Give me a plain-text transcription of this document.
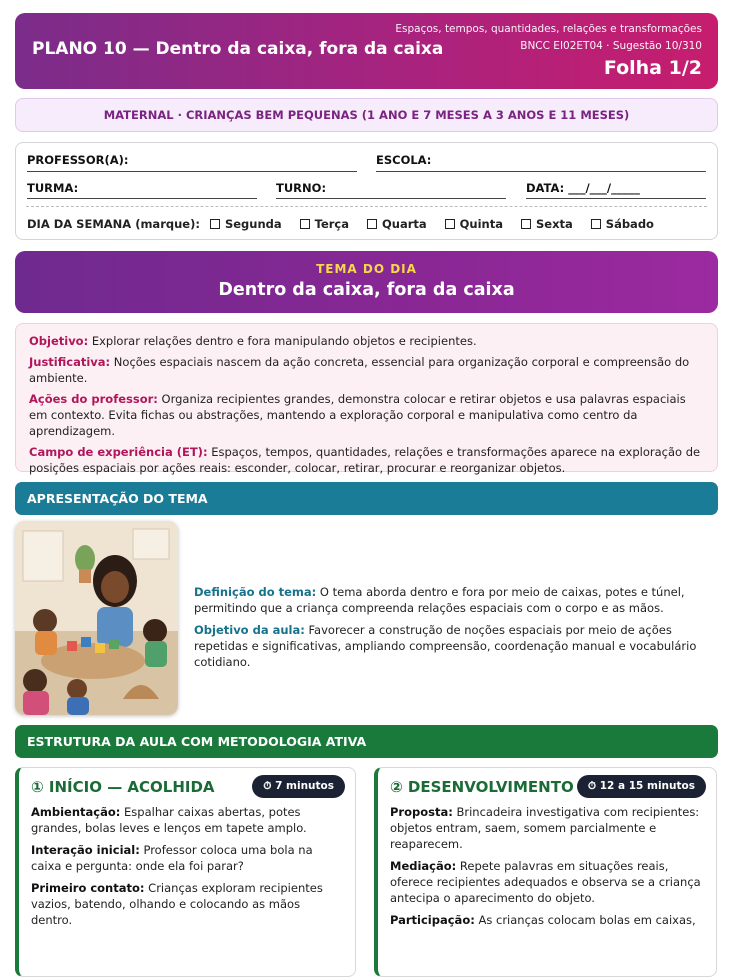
PLANO 10 — Dentro da caixa, fora da caixa
Espaços, tempos, quantidades, relações e transformações
BNCC EI02ET04 · Sugestão 10/310
Folha 1/2
MATERNAL · CRIANÇAS BEM PEQUENAS (1 ANO E 7 MESES A 3 ANOS E 11 MESES)
PROFESSOR(A):	ESCOLA:
TURMA:	TURNO:	DATA: ___/___/_____
DIA DA SEMANA (marque): Segunda	Terça	Quarta	Quinta	Sexta	Sábado
TEMA DO DIA
Dentro da caixa, fora da caixa

Objetivo: Explorar relações dentro e fora manipulando objetos e recipientes.

Justificativa: Noções espaciais nascem da ação concreta, essencial para organização corporal e compreensão do ambiente.

Ações do professor: Organiza recipientes grandes, demonstra colocar e retirar objetos e usa palavras espaciais em contexto. Evita fichas ou abstrações, mantendo a exploração corporal e manipulativa como centro da aprendizagem.

Campo de experiência (ET): Espaços, tempos, quantidades, relações e transformações aparece na exploração de posições espaciais por ações reais: esconder, colocar, retirar, procurar e reorganizar objetos.

APRESENTAÇÃO DO TEMA

Definição do tema: O tema aborda dentro e fora por meio de caixas, potes e túnel, permitindo que a criança compreenda relações espaciais com o corpo e as mãos.

Objetivo da aula: Favorecer a construção de noções espaciais por meio de ações repetidas e significativas, ampliando compreensão, coordenação manual e vocabulário cotidiano.

ESTRUTURA DA AULA COM METODOLOGIA ATIVA
① INÍCIO — ACOLHIDA	⏱ 7 minutos

Ambientação: Espalhar caixas abertas, potes grandes, bolas leves e lenços em tapete amplo.

Interação inicial: Professor coloca uma bola na caixa e pergunta: onde ela foi parar?

Primeiro contato: Crianças exploram recipientes vazios, batendo, olhando e colocando as mãos dentro.

② DESENVOLVIMENTO	⏱ 12 a 15 minutos

Proposta: Brincadeira investigativa com recipientes: objetos entram, saem, somem parcialmente e reaparecem.

Mediação: Repete palavras em situações reais, oferece recipientes adequados e observa se a criança antecipa o aparecimento do objeto.

Participação: As crianças colocam bolas em caixas,
